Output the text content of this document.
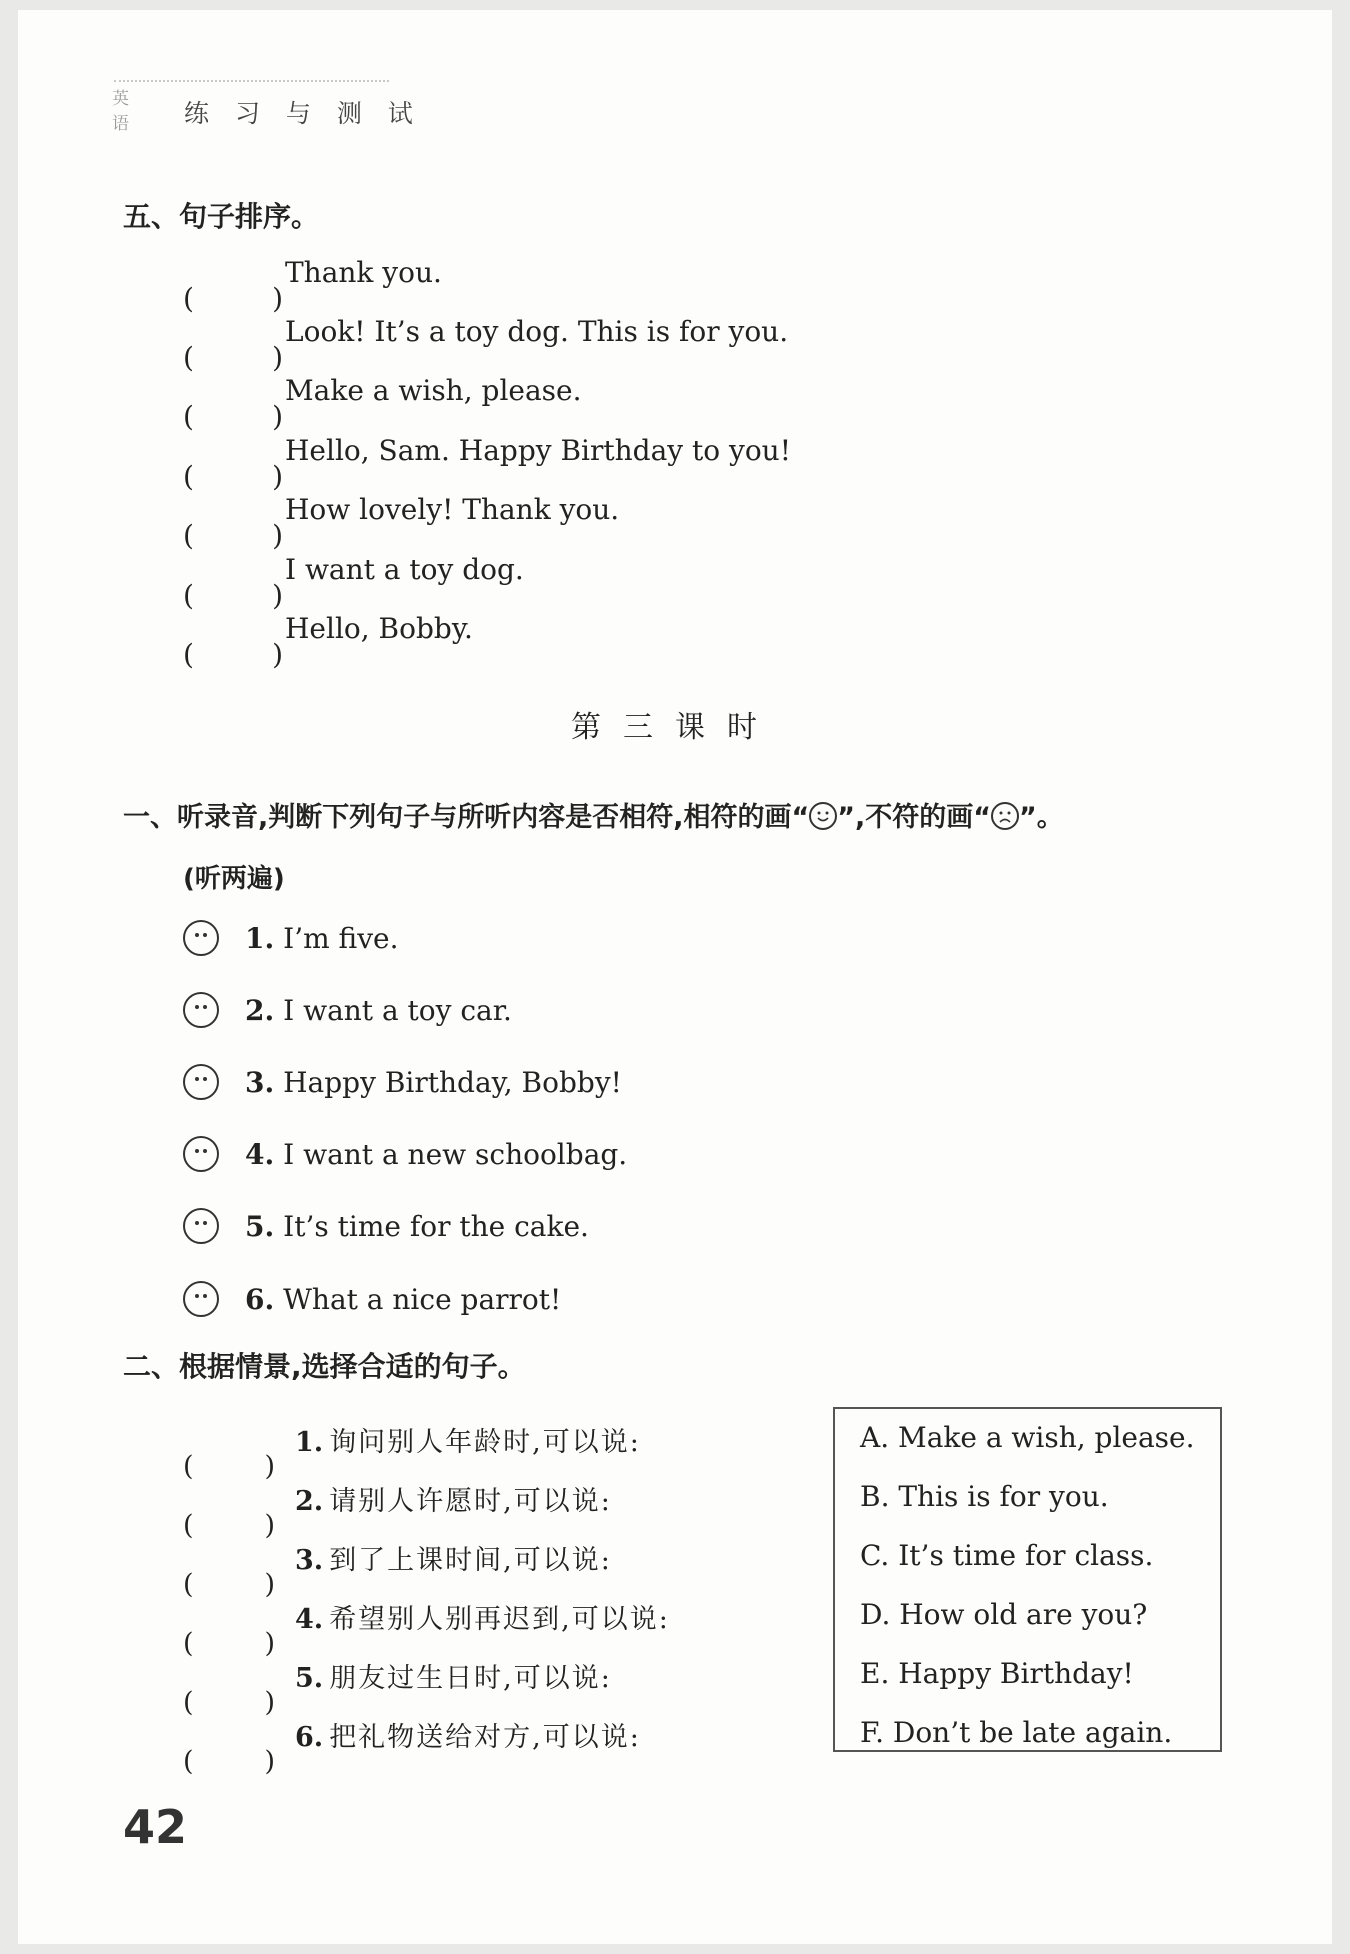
英语 练 习 与 测 试
五、句子排序。
Thank you.
Look! It’s a toy dog. This is for you.
Make a wish, please.
Hello, Sam. Happy Birthday to you!
How lovely! Thank you.
I want a toy dog.
Hello, Bobby.
第三课时
一、听录音,判断下列句子与所听内容是否相符,相符的画“ ”,不符的画“ ”。
(听两遍)
1. I’m five.
2. I want a toy car.
3. Happy Birthday, Bobby!
4. I want a new schoolbag.
5. It’s time for the cake.
6. What a nice parrot!
二、根据情景,选择合适的句子。
1. 询问别人年龄时,可以说:
2. 请别人许愿时,可以说:
3. 到了上课时间,可以说:
4. 希望别人别再迟到,可以说:
5. 朋友过生日时,可以说:
6. 把礼物送给对方,可以说:
A. Make a wish, please.
B. This is for you.
C. It’s time for class.
D. How old are you?
E. Happy Birthday!
F. Don’t be late again.
42
